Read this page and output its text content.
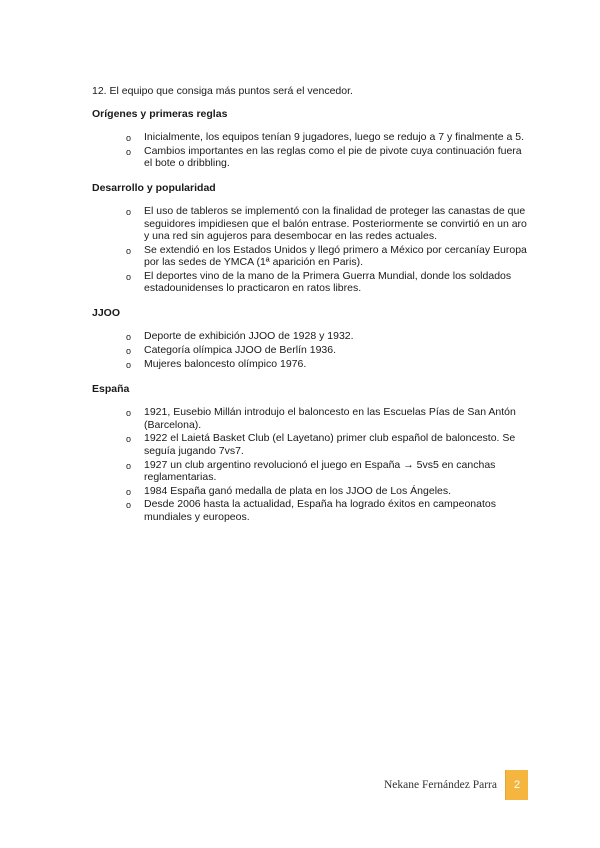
12. El equipo que consiga más puntos será el vencedor.

Orígenes y primeras reglas

o Inicialmente, los equipos tenían 9 jugadores, luego se redujo a 7 y finalmente a 5.
o Cambios importantes en las reglas como el pie de pivote cuya continuación fuera el bote o dribbling.

Desarrollo y popularidad

o El uso de tableros se implementó con la finalidad de proteger las canastas de que seguidores impidiesen que el balón entrase. Posteriormente se convirtió en un aro y una red sin agujeros para desembocar en las redes actuales.
o Se extendió en los Estados Unidos y llegó primero a México por cercaníay Europa por las sedes de YMCA (1ª aparición en Paris).
o El deportes vino de la mano de la Primera Guerra Mundial, donde los soldados estadounidenses lo practicaron en ratos libres.

JJOO

o Deporte de exhibición JJOO de 1928 y 1932.
o Categoría olímpica JJOO de Berlín 1936.
o Mujeres baloncesto olímpico 1976.

España

o 1921, Eusebio Millán introdujo el baloncesto en las Escuelas Pías de San Antón (Barcelona).
o 1922 el Laietá Basket Club (el Layetano) primer club español de baloncesto. Se seguía jugando 7vs7.
o 1927 un club argentino revolucionó el juego en España → 5vs5 en canchas reglamentarias.
o 1984 España ganó medalla de plata en los JJOO de Los Ángeles.
o Desde 2006 hasta la actualidad, España ha logrado éxitos en campeonatos mundiales y europeos.
Nekane Fernández Parra	2
